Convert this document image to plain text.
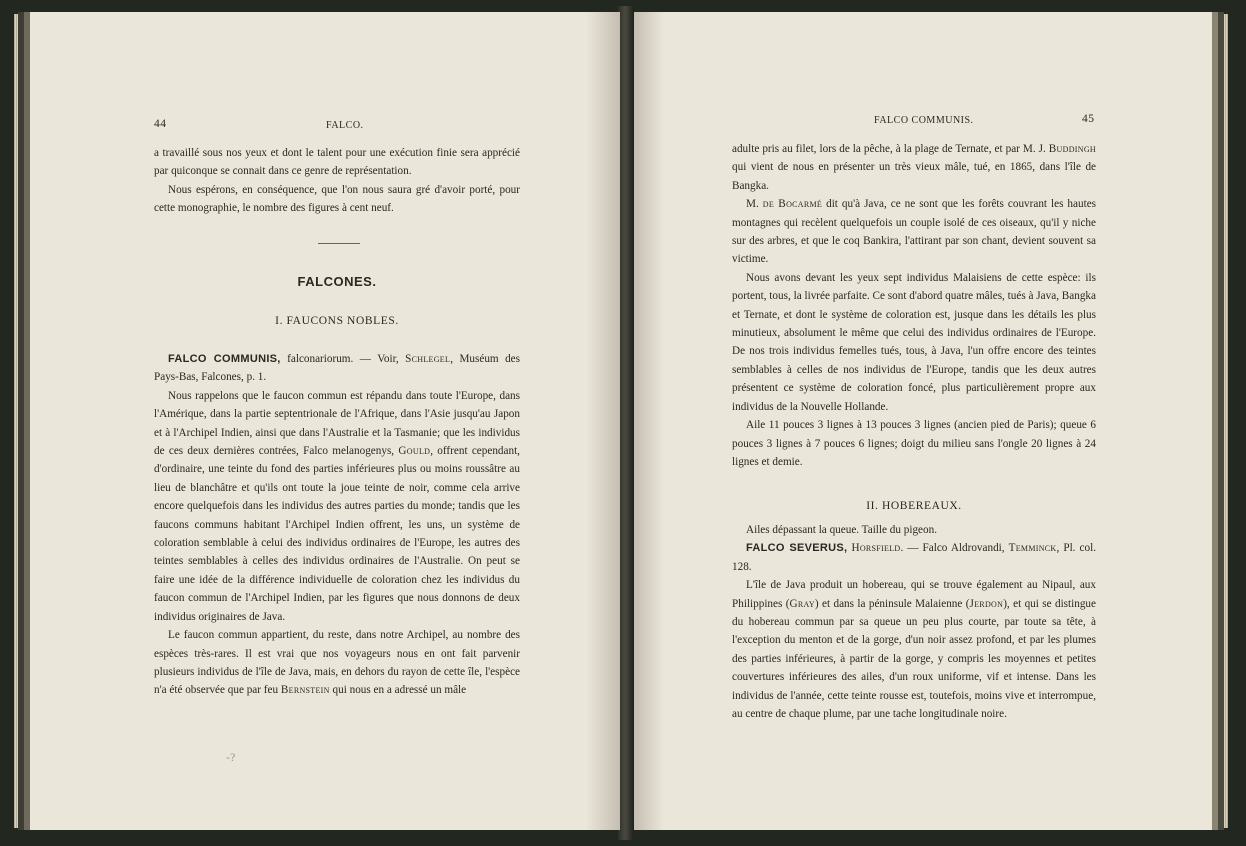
44	FALCO.

a travaillé sous nos yeux et dont le talent pour une exécution finie sera apprécié par quiconque se connait dans ce genre de représentation.

Nous espérons, en conséquence, que l'on nous saura gré d'avoir porté, pour cette monographie, le nombre des figures à cent neuf.

FALCONES.
I. FAUCONS NOBLES.

FALCO COMMUNIS, falconariorum. — Voir, Schlegel, Muséum des Pays-Bas, Falcones, p. 1.

Nous rappelons que le faucon commun est répandu dans toute l'Europe, dans l'Amérique, dans la partie septentrionale de l'Afrique, dans l'Asie jusqu'au Japon et à l'Archipel Indien, ainsi que dans l'Australie et la Tasmanie; que les individus de ces deux dernières contrées, Falco melanogenys, Gould, offrent cependant, d'ordinaire, une teinte du fond des parties inférieures plus ou moins roussâtre au lieu de blanchâtre et qu'ils ont toute la joue teinte de noir, comme cela arrive encore quelquefois dans les individus des autres parties du monde; tandis que les faucons communs habitant l'Archipel Indien offrent, les uns, un système de coloration semblable à celui des individus ordinaires de l'Europe, les autres des teintes semblables à celles des individus ordinaires de l'Australie. On peut se faire une idée de la différence individuelle de coloration chez les individus du faucon commun de l'Archipel Indien, par les figures que nous donnons de deux individus originaires de Java.

Le faucon commun appartient, du reste, dans notre Archipel, au nombre des espèces très-rares. Il est vrai que nos voyageurs nous en ont fait parvenir plusieurs individus de l'île de Java, mais, en dehors du rayon de cette île, l'espèce n'a été observée que par feu Bernstein qui nous en a adressé un mâle

-?
FALCO COMMUNIS.	45

adulte pris au filet, lors de la pêche, à la plage de Ternate, et par M. J. Buddingh qui vient de nous en présenter un très vieux mâle, tué, en 1865, dans l'île de Bangka.

M. de Bocarmé dit qu'à Java, ce ne sont que les forêts couvrant les hautes montagnes qui recèlent quelquefois un couple isolé de ces oiseaux, qu'il y niche sur des arbres, et que le coq Bankira, l'attirant par son chant, devient souvent sa victime.

Nous avons devant les yeux sept individus Malaisiens de cette espèce: ils portent, tous, la livrée parfaite. Ce sont d'abord quatre mâles, tués à Java, Bangka et Ternate, et dont le système de coloration est, jusque dans les détails les plus minutieux, absolument le même que celui des individus ordinaires de l'Europe. De nos trois individus femelles tués, tous, à Java, l'un offre encore des teintes semblables à celles de nos individus de l'Europe, tandis que les deux autres présentent ce système de coloration foncé, plus particulièrement propre aux individus de la Nouvelle Hollande.

Aile 11 pouces 3 lignes à 13 pouces 3 lignes (ancien pied de Paris); queue 6 pouces 3 lignes à 7 pouces 6 lignes; doigt du milieu sans l'ongle 20 lignes à 24 lignes et demie.

II. HOBEREAUX.

Ailes dépassant la queue. Taille du pigeon.

FALCO SEVERUS, Horsfield. — Falco Aldrovandi, Temminck, Pl. col. 128.

L'île de Java produit un hobereau, qui se trouve également au Nipaul, aux Philippines (Gray) et dans la péninsule Malaienne (Jerdon), et qui se distingue du hobereau commun par sa queue un peu plus courte, par toute sa tête, à l'exception du menton et de la gorge, d'un noir assez profond, et par les plumes des parties inférieures, à partir de la gorge, y compris les moyennes et petites couvertures inférieures des ailes, d'un roux uniforme, vif et intense. Dans les individus de l'année, cette teinte rousse est, toutefois, moins vive et interrompue, au centre de chaque plume, par une tache longitudinale noire.
